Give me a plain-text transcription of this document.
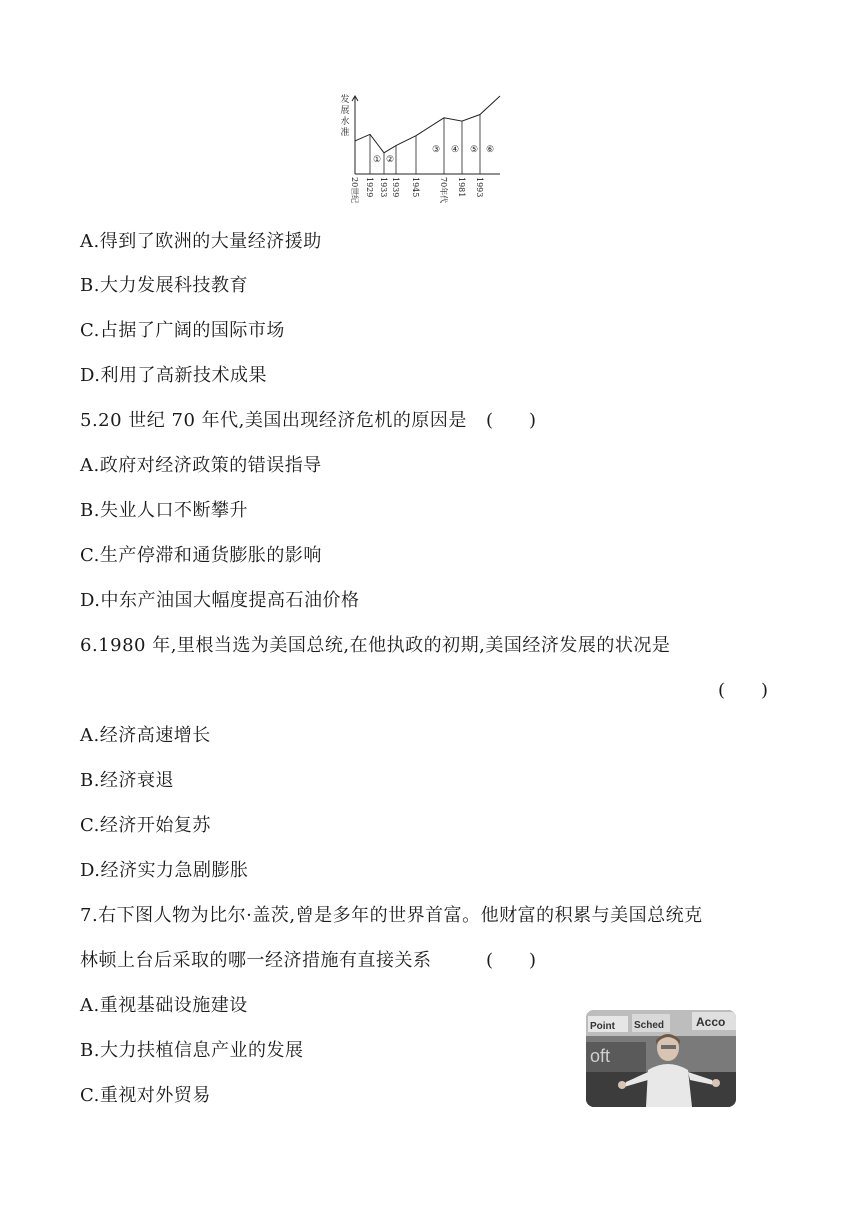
发
展
水
准
① ②
③ ④ ⑤ ⑥
20世纪 1929 1933 1939 1945 70年代 1981 1993
A.得到了欧洲的大量经济援助
B.大力发展科技教育
C.占据了广阔的国际市场
D.利用了高新技术成果
5.20 世纪 70 年代,美国出现经济危机的原因是 (　　)
A.政府对经济政策的错误指导
B.失业人口不断攀升
C.生产停滞和通货膨胀的影响
D.中东产油国大幅度提高石油价格
6.1980 年,里根当选为美国总统,在他执政的初期,美国经济发展的状况是
(　　)
A.经济高速增长
B.经济衰退
C.经济开始复苏
D.经济实力急剧膨胀
7.右下图人物为比尔·盖茨,曾是多年的世界首富。他财富的积累与美国总统克
林顿上台后采取的哪一经济措施有直接关系	(　　)
A.重视基础设施建设
B.大力扶植信息产业的发展
C.重视对外贸易
Point Sched	Acco
oft
